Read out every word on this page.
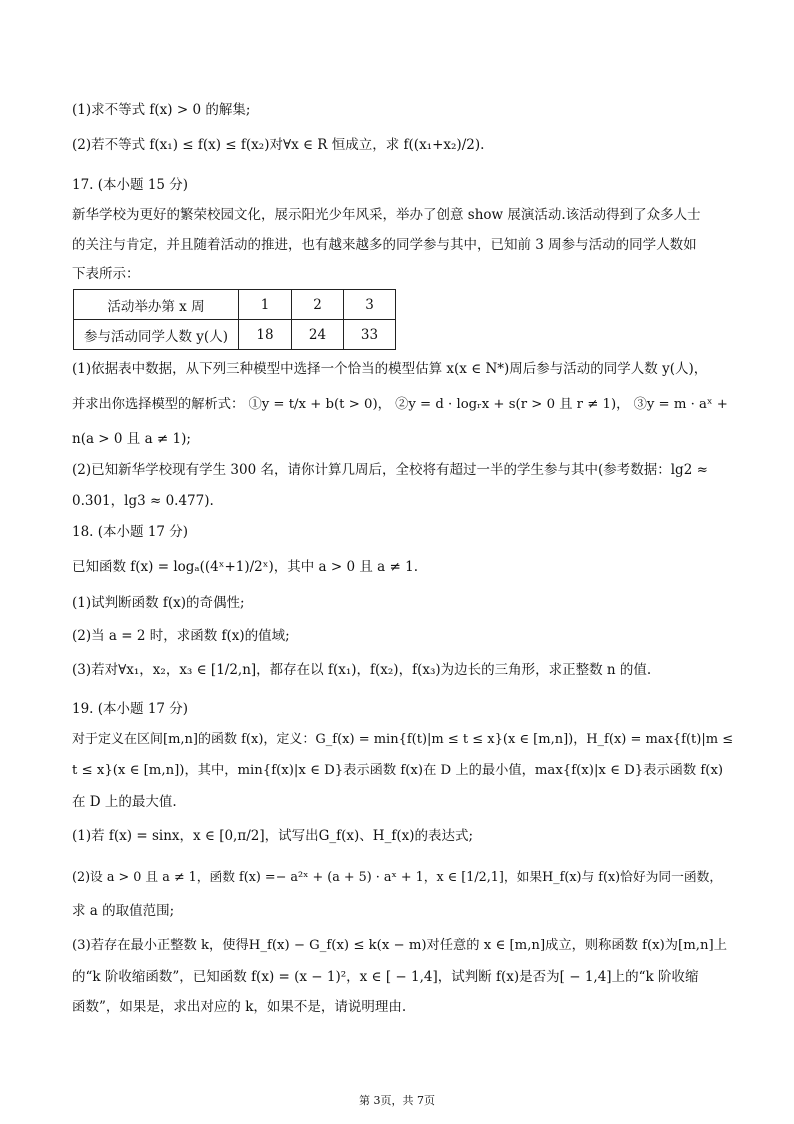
(1)求不等式 f(x) > 0 的解集;
(2)若不等式 f(x₁) ≤ f(x) ≤ f(x₂)对∀x ∈ R 恒成立，求 f((x₁+x₂)/2).
17. (本小题 15 分)
新华学校为更好的繁荣校园文化，展示阳光少年风采，举办了创意 show 展演活动.该活动得到了众多人士
的关注与肯定，并且随着活动的推进，也有越来越多的同学参与其中，已知前 3 周参与活动的同学人数如
下表所示：
活动举办第 x 周	1	2	3
参与活动同学人数 y(人)	18	24	33
(1)依据表中数据，从下列三种模型中选择一个恰当的模型估算 x(x ∈ N*)周后参与活动的同学人数 y(人)，
并求出你选择模型的解析式： ①y = t/x + b(t > 0)， ②y = d · logᵣx + s(r > 0 且 r ≠ 1)， ③y = m · aˣ +
n(a > 0 且 a ≠ 1);
(2)已知新华学校现有学生 300 名，请你计算几周后，全校将有超过一半的学生参与其中(参考数据：lg2 ≈
0.301，lg3 ≈ 0.477).
18. (本小题 17 分)
已知函数 f(x) = logₐ((4ˣ+1)/2ˣ)，其中 a > 0 且 a ≠ 1.
(1)试判断函数 f(x)的奇偶性;
(2)当 a = 2 时，求函数 f(x)的值域;
(3)若对∀x₁，x₂，x₃ ∈ [1/2,n]，都存在以 f(x₁)，f(x₂)，f(x₃)为边长的三角形，求正整数 n 的值.
19. (本小题 17 分)
对于定义在区间[m,n]的函数 f(x)，定义：G_f(x) = min{f(t)|m ≤ t ≤ x}(x ∈ [m,n])，H_f(x) = max{f(t)|m ≤
t ≤ x}(x ∈ [m,n])，其中，min{f(x)|x ∈ D}表示函数 f(x)在 D 上的最小值，max{f(x)|x ∈ D}表示函数 f(x)
在 D 上的最大值.
(1)若 f(x) = sinx，x ∈ [0,π/2]，试写出G_f(x)、H_f(x)的表达式;
(2)设 a > 0 且 a ≠ 1，函数 f(x) =− a²ˣ + (a + 5) · aˣ + 1，x ∈ [1/2,1]，如果H_f(x)与 f(x)恰好为同一函数，
求 a 的取值范围;
(3)若存在最小正整数 k，使得H_f(x) − G_f(x) ≤ k(x − m)对任意的 x ∈ [m,n]成立，则称函数 f(x)为[m,n]上
的“k 阶收缩函数”，已知函数 f(x) = (x − 1)²，x ∈ [ − 1,4]，试判断 f(x)是否为[ − 1,4]上的“k 阶收缩
函数”，如果是，求出对应的 k，如果不是，请说明理由.
第 3页，共 7页
